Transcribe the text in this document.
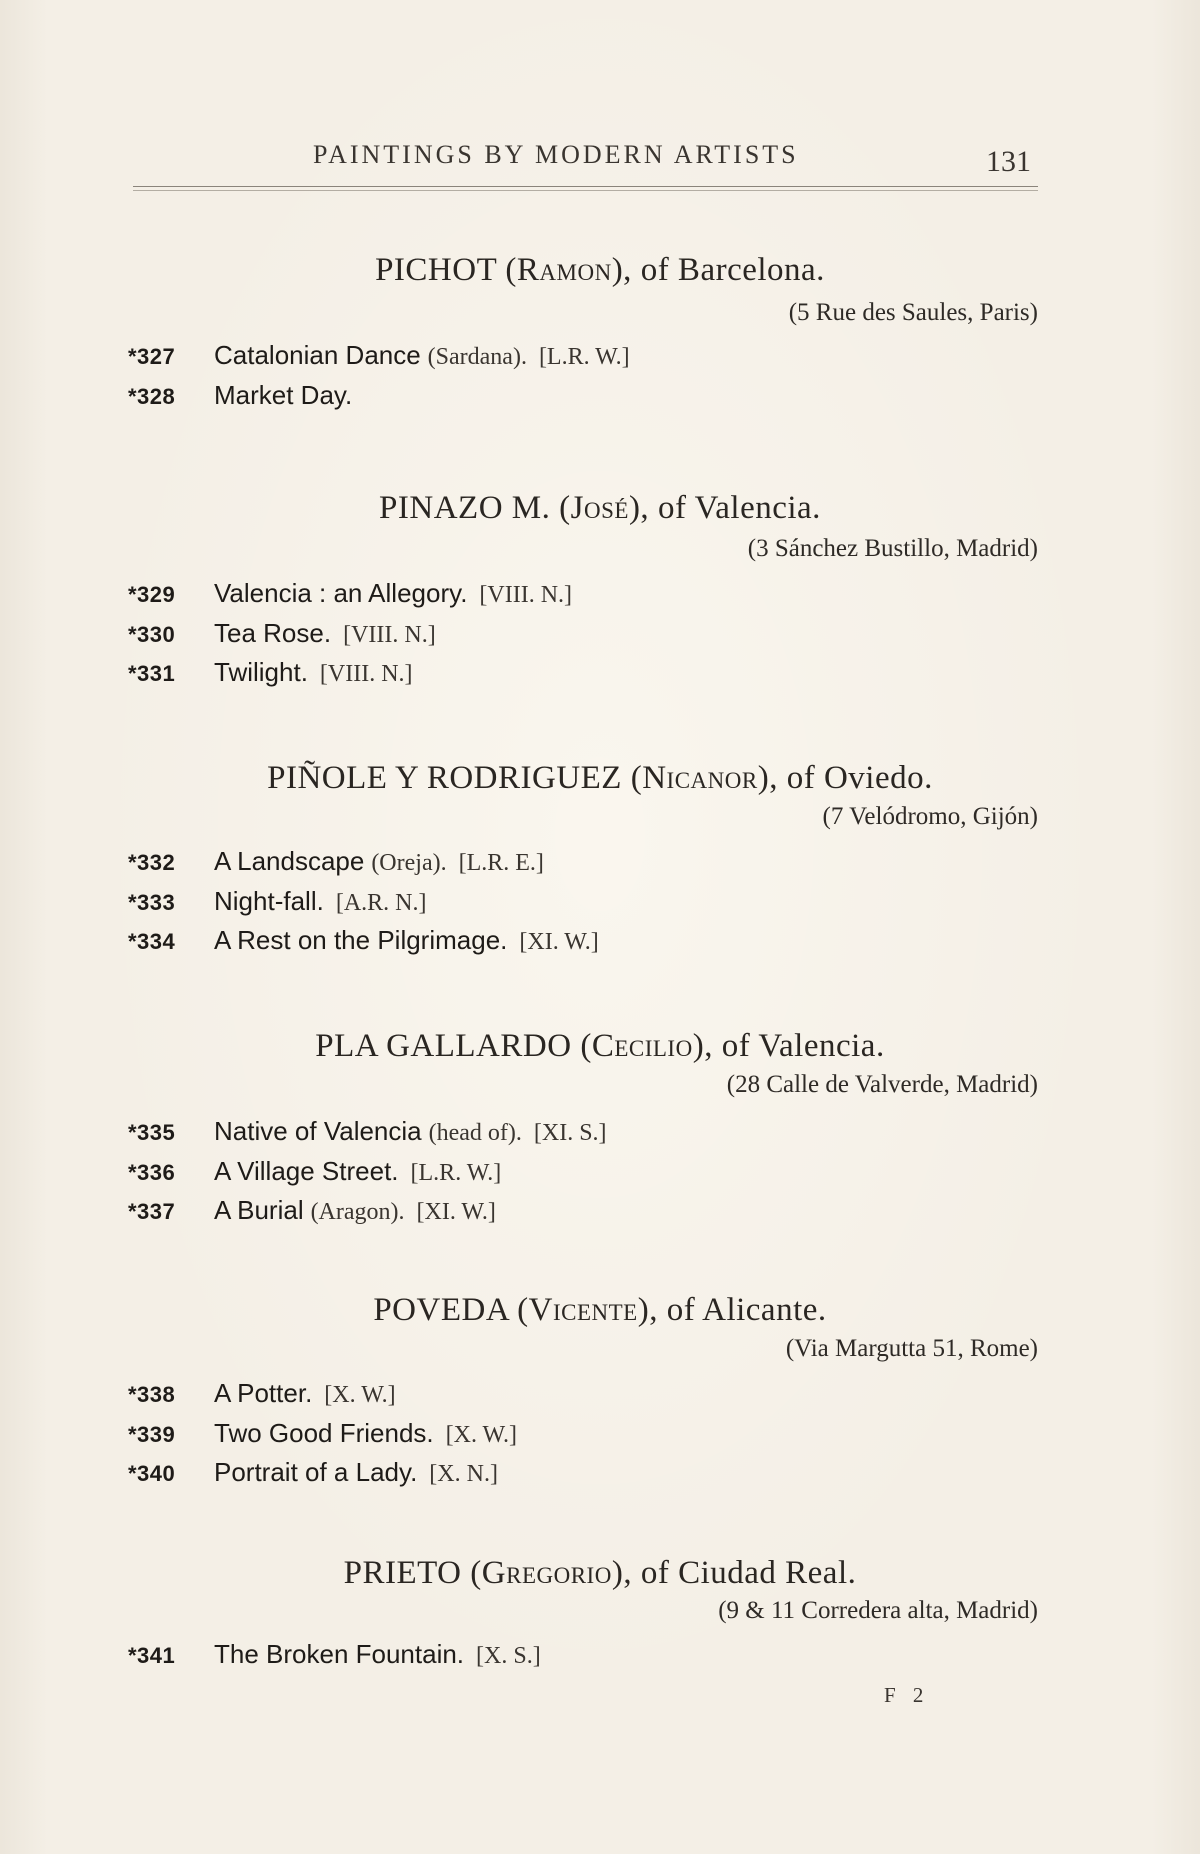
PAINTINGS BY MODERN ARTISTS	131
PICHOT (Ramon), of Barcelona.
(5 Rue des Saules, Paris)
*327 Catalonian Dance (Sardana). [L.R. W.]
*328 Market Day.
PINAZO M. (José), of Valencia.
(3 Sánchez Bustillo, Madrid)
*329 Valencia : an Allegory. [VIII. N.]
*330 Tea Rose. [VIII. N.]
*331 Twilight. [VIII. N.]
PIÑOLE Y RODRIGUEZ (Nicanor), of Oviedo.
(7 Velódromo, Gijón)
*332 A Landscape (Oreja). [L.R. E.]
*333 Night-fall. [A.R. N.]
*334 A Rest on the Pilgrimage. [XI. W.]
PLA GALLARDO (Cecilio), of Valencia.
(28 Calle de Valverde, Madrid)
*335 Native of Valencia (head of). [XI. S.]
*336 A Village Street. [L.R. W.]
*337 A Burial (Aragon). [XI. W.]
POVEDA (Vicente), of Alicante.
(Via Margutta 51, Rome)
*338 A Potter. [X. W.]
*339 Two Good Friends. [X. W.]
*340 Portrait of a Lady. [X. N.]
PRIETO (Gregorio), of Ciudad Real.
(9 & 11 Corredera alta, Madrid)
*341 The Broken Fountain. [X. S.]
F 2
